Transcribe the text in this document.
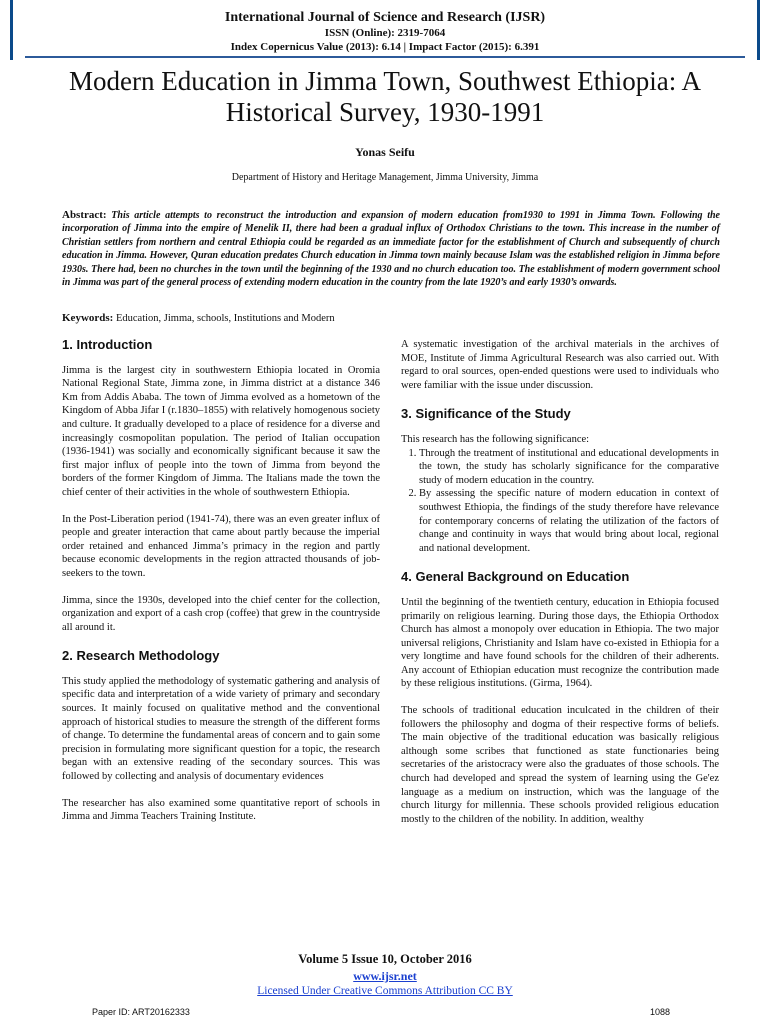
International Journal of Science and Research (IJSR)
ISSN (Online): 2319-7064
Index Copernicus Value (2013): 6.14 | Impact Factor (2015): 6.391
Modern Education in Jimma Town, Southwest Ethiopia: A Historical Survey, 1930-1991
Yonas Seifu
Department of History and Heritage Management, Jimma University, Jimma
Abstract: This article attempts to reconstruct the introduction and expansion of modern education from1930 to 1991 in Jimma Town. Following the incorporation of Jimma into the empire of Menelik II, there had been a gradual influx of Orthodox Christians to the town. This increase in the number of Christian settlers from northern and central Ethiopia could be regarded as an immediate factor for the establishment of Church and subsequently of church education in Jimma. However, Quran education predates Church education in Jimma town mainly because Islam was the established religion in Jimma before 1930s. There had, been no churches in the town until the beginning of the 1930 and no church education too. The establishment of modern government school in Jimma was part of the general process of extending modern education in the country from the late 1920’s and early 1930’s onwards.
Keywords: Education, Jimma, schools, Institutions and Modern
1. Introduction

Jimma is the largest city in southwestern Ethiopia located in Oromia National Regional State, Jimma zone, in Jimma district at a distance 346 Km from Addis Ababa. The town of Jimma evolved as a hometown of the Kingdom of Abba Jifar I (r.1830–1855) with relatively homogenous society and culture. It gradually developed to a place of residence for a diverse and increasingly cosmopolitan population. The period of Italian occupation (1936-1941) was socially and economically significant because it saw the first major influx of people into the town of Jimma from beyond the borders of the former Kingdom of Jimma. The Italians made the town the chief center of their activities in the whole of southwestern Ethiopia.

In the Post-Liberation period (1941-74), there was an even greater influx of people and greater interaction that came about partly because the imperial order retained and enhanced Jimma’s primacy in the region and partly because economic developments in the region attracted thousands of job-seekers to the town.

Jimma, since the 1930s, developed into the chief center for the collection, organization and export of a cash crop (coffee) that grew in the countryside all around it.

2. Research Methodology

This study applied the methodology of systematic gathering and analysis of specific data and interpretation of a wide variety of primary and secondary sources. It mainly focused on qualitative method and the conventional approach of historical studies to measure the strength of the different forms of change. To determine the fundamental areas of concern and to gain some precision in formulating more significant question for a topic, the research began with an extensive reading of the secondary sources. This was followed by collecting and analysis of documentary evidences

The researcher has also examined some quantitative report of schools in Jimma and Jimma Teachers Training Institute.

A systematic investigation of the archival materials in the archives of MOE, Institute of Jimma Agricultural Research was also carried out. With regard to oral sources, open-ended questions were used to individuals who were familiar with the issue under discussion.

3. Significance of the Study

This research has the following significance:

1. Through the treatment of institutional and educational developments in the town, the study has scholarly significance for the comparative study of modern education in the country.
2. By assessing the specific nature of modern education in context of southwest Ethiopia, the findings of the study therefore have relevance for contemporary concerns of relating the utilization of the factors of change and continuity in ways that would bring about local, regional and national development.
4. General Background on Education

Until the beginning of the twentieth century, education in Ethiopia focused primarily on religious learning. During those days, the Ethiopia Orthodox Church has almost a monopoly over education in Ethiopia. The two major universal religions, Christianity and Islam have co-existed in Ethiopia for a very longtime and have found schools for the children of their adherents. Any account of Ethiopian education must recognize the contribution made by these religious institutions. (Girma, 1964).

The schools of traditional education inculcated in the children of their followers the philosophy and dogma of their respective forms of beliefs. The main objective of the traditional education was basically religious although some scribes that functioned as state functionaries being secretaries of the aristocracy were also the graduates of those schools. The church had developed and spread the system of learning using the Ge'ez language as a medium on instruction, which was the language of the church liturgy for millennia. These schools provided religious education mostly to the children of the nobility. In addition, wealthy

Volume 5 Issue 10, October 2016
www.ijsr.net
Licensed Under Creative Commons Attribution CC BY
Paper ID: ART20162333	1088
